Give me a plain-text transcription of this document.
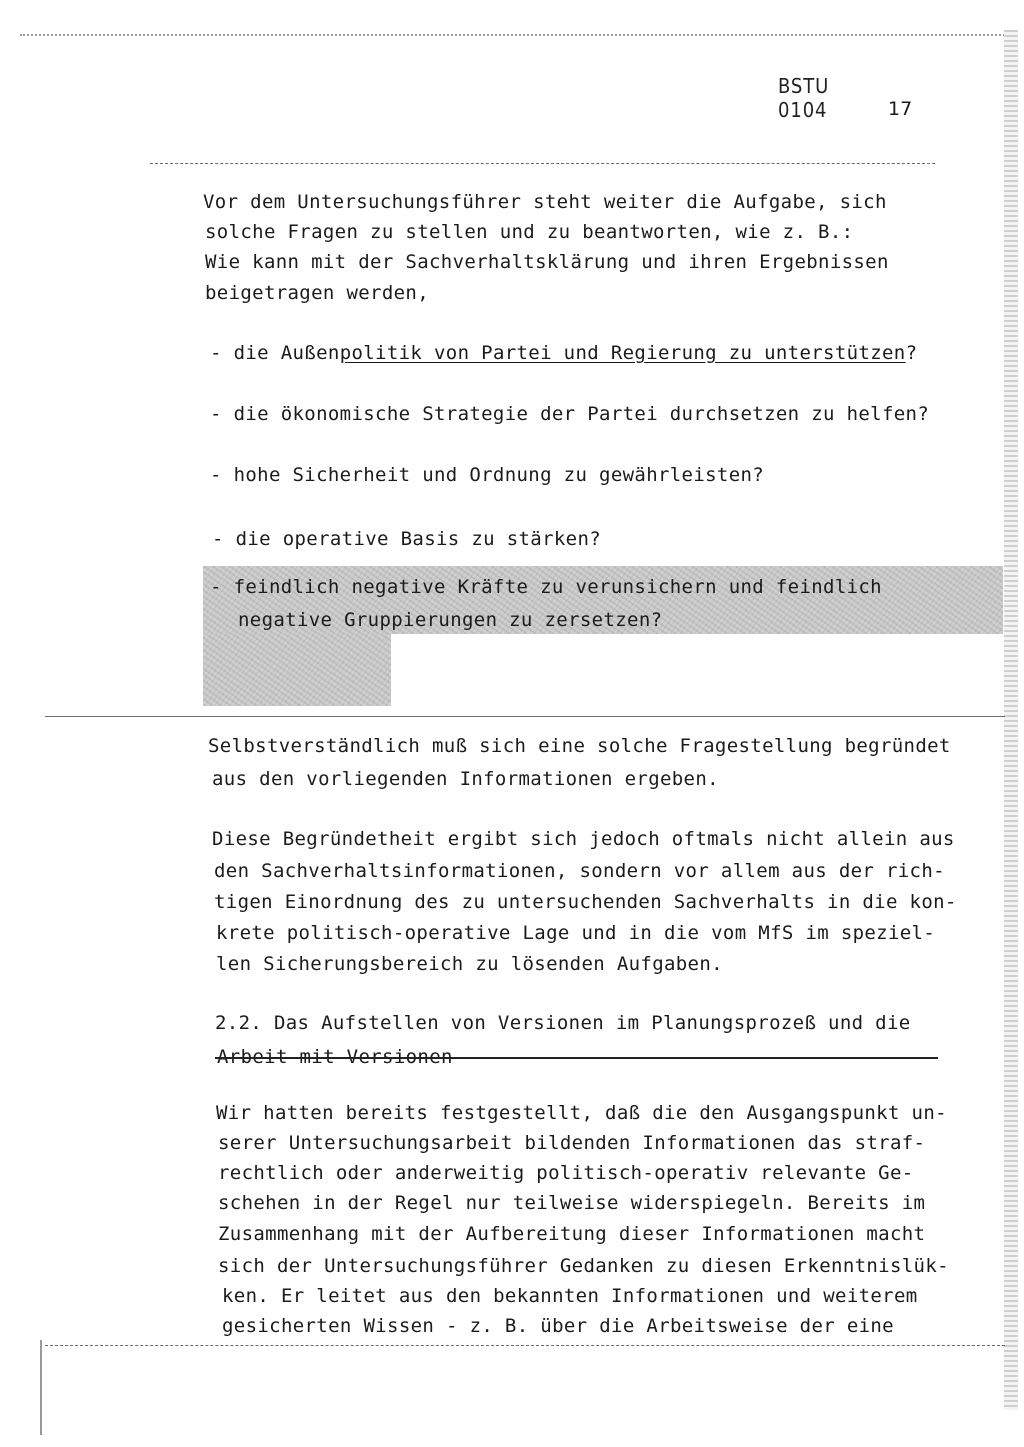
BSTU
0104	17
Vor dem Untersuchungsführer steht weiter die Aufgabe, sich
solche Fragen zu stellen und zu beantworten, wie z. B.:
Wie kann mit der Sachverhaltsklärung und ihren Ergebnissen
beigetragen werden,
- die Außenpolitik von Partei und Regierung zu unterstützen?
- die ökonomische Strategie der Partei durchsetzen zu helfen?
- hohe Sicherheit und Ordnung zu gewährleisten?
- die operative Basis zu stärken?
- feindlich negative Kräfte zu verunsichern und feindlich
negative Gruppierungen zu zersetzen?
Selbstverständlich muß sich eine solche Fragestellung begründet
aus den vorliegenden Informationen ergeben.
Diese Begründetheit ergibt sich jedoch oftmals nicht allein aus
den Sachverhaltsinformationen, sondern vor allem aus der rich-
tigen Einordnung des zu untersuchenden Sachverhalts in die kon-
krete politisch-operative Lage und in die vom MfS im speziel-
len Sicherungsbereich zu lösenden Aufgaben.
2.2. Das Aufstellen von Versionen im Planungsprozeß und die
Arbeit mit Versionen
Wir hatten bereits festgestellt, daß die den Ausgangspunkt un-
serer Untersuchungsarbeit bildenden Informationen das straf-
rechtlich oder anderweitig politisch-operativ relevante Ge-
schehen in der Regel nur teilweise widerspiegeln. Bereits im
Zusammenhang mit der Aufbereitung dieser Informationen macht
sich der Untersuchungsführer Gedanken zu diesen Erkenntnislük-
ken. Er leitet aus den bekannten Informationen und weiterem
gesicherten Wissen - z. B. über die Arbeitsweise der eine
